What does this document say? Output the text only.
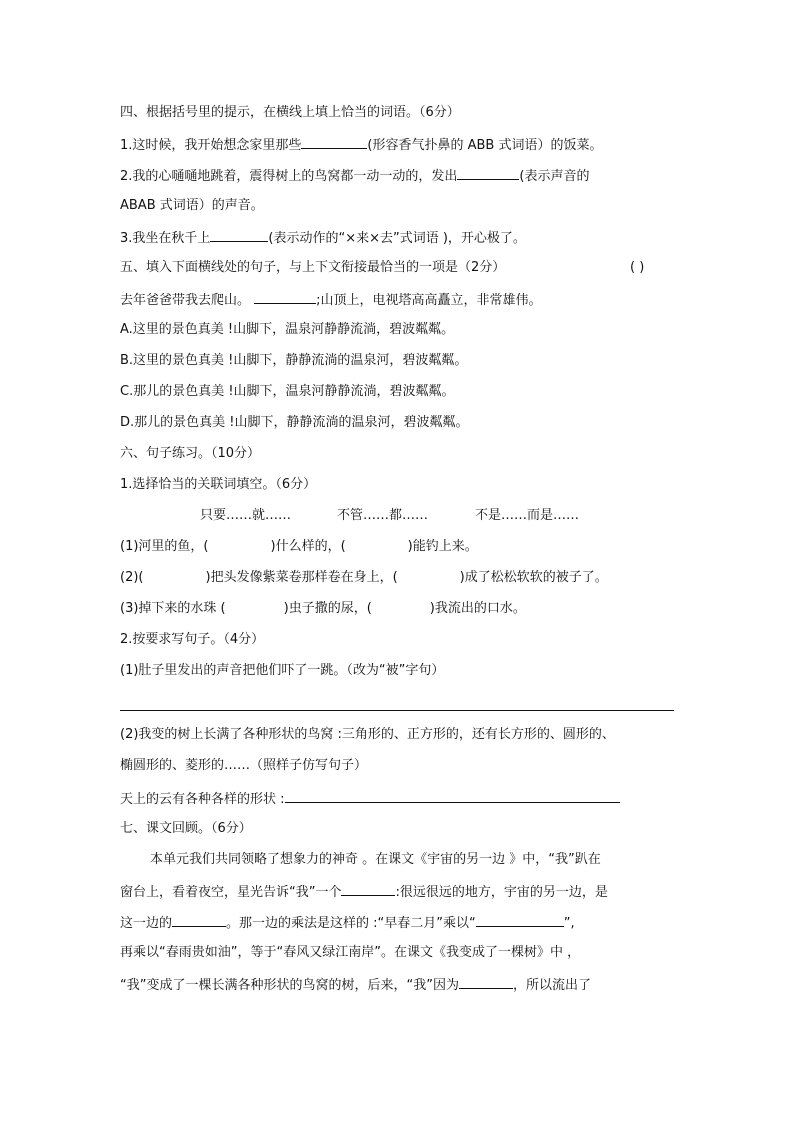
四、根据括号里的提示，在横线上填上恰当的词语。（6分）
1.这时候，我开始想念家里那些	(形容香气扑鼻的 ABB 式词语）的饭菜。
2.我的心嗵嗵地跳着，震得树上的鸟窝都一动一动的，发出	(表示声音的
ABAB 式词语）的声音。
3.我坐在秋千上	(表示动作的“×来×去”式词语 )，开心极了。
五、填入下面横线处的句子，与上下文衔接最恰当的一项是（2分）	( )
去年爸爸带我去爬山。	;山顶上，电视塔高高矗立，非常雄伟。
A.这里的景色真美 !山脚下，温泉河静静流淌，碧波粼粼。
B.这里的景色真美 !山脚下，静静流淌的温泉河，碧波粼粼。
C.那儿的景色真美 !山脚下，温泉河静静流淌，碧波粼粼。
D.那儿的景色真美 !山脚下，静静流淌的温泉河，碧波粼粼。
六、句子练习。（10分）
1.选择恰当的关联词填空。（6分）
只要……就……	不管……都……	不是……而是……
(1)河里的鱼，(	)什么样的，(	)能钓上来。
(2)(	)把头发像紫菜卷那样卷在身上，(	)成了松松软软的被子了。
(3)掉下来的水珠 (	)虫子撒的尿，(	)我流出的口水。
2.按要求写句子。（4分）
(1)肚子里发出的声音把他们吓了一跳。（改为“被”字句）
(2)我变的树上长满了各种形状的鸟窝 :三角形的、正方形的，还有长方形的、圆形的、
椭圆形的、菱形的……（照样子仿写句子）
天上的云有各种各样的形状 :
七、课文回顾。（6分）
本单元我们共同领略了想象力的神奇 。在课文《宇宙的另一边 》中，“我”趴在
窗台上，看着夜空，星光告诉“我”一个	:很远很远的地方，宇宙的另一边，是
这一边的	。那一边的乘法是这样的 :“早春二月”乘以“	”,
再乘以“春雨贵如油”，等于“春风又绿江南岸”。在课文《我变成了一棵树》中 ，
“我”变成了一棵长满各种形状的鸟窝的树，后来，“我”因为	，所以流出了
